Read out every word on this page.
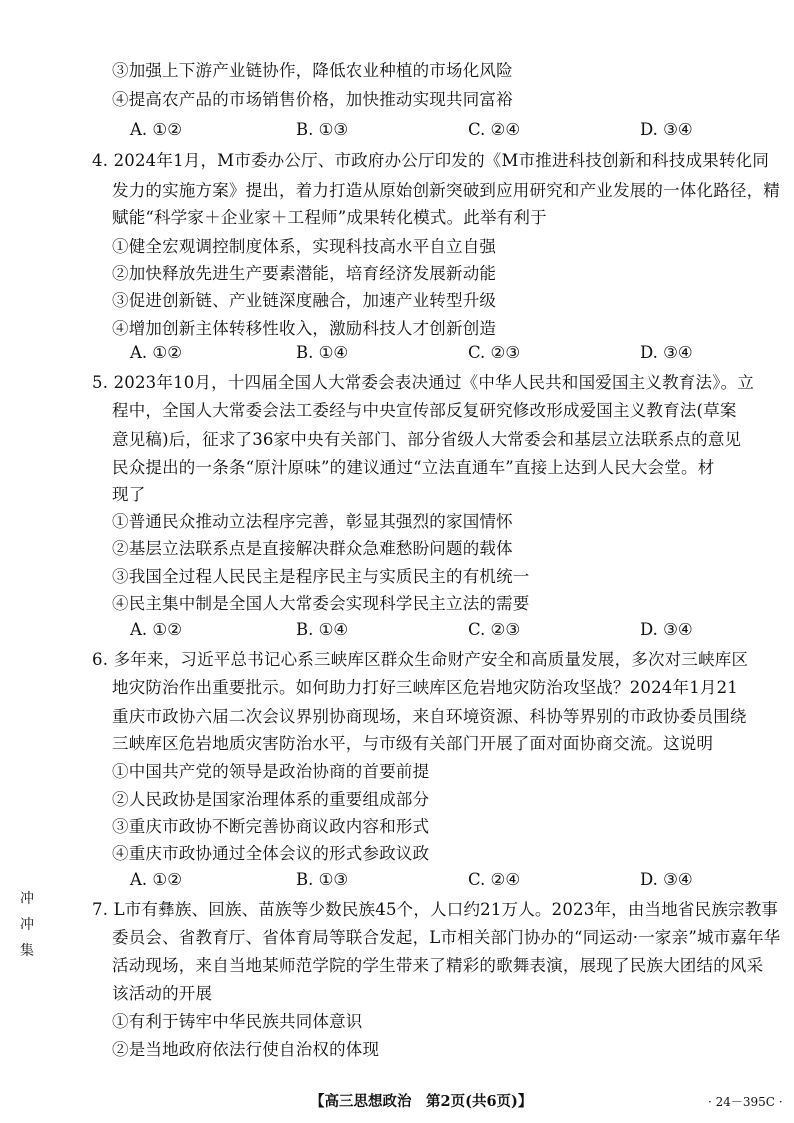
③加强上下游产业链协作，降低农业种植的市场化风险
④提高农产品的市场销售价格，加快推动实现共同富裕
A. ①②	B. ①③	C. ②④	D. ③④
4. 2024年1月，M市委办公厅、市政府办公厅印发的《M市推进科技创新和科技成果转化同
发力的实施方案》提出，着力打造从原始创新突破到应用研究和产业发展的一体化路径，精
赋能“科学家＋企业家＋工程师”成果转化模式。此举有利于
①健全宏观调控制度体系，实现科技高水平自立自强
②加快释放先进生产要素潜能，培育经济发展新动能
③促进创新链、产业链深度融合，加速产业转型升级
④增加创新主体转移性收入，激励科技人才创新创造
A. ①②	B. ①④	C. ②③	D. ③④
5. 2023年10月，十四届全国人大常委会表决通过《中华人民共和国爱国主义教育法》。立
程中，全国人大常委会法工委经与中央宣传部反复研究修改形成爱国主义教育法(草案
意见稿)后，征求了36家中央有关部门、部分省级人大常委会和基层立法联系点的意见
民众提出的一条条“原汁原味”的建议通过“立法直通车”直接上达到人民大会堂。材
现了
①普通民众推动立法程序完善，彰显其强烈的家国情怀
②基层立法联系点是直接解决群众急难愁盼问题的载体
③我国全过程人民民主是程序民主与实质民主的有机统一
④民主集中制是全国人大常委会实现科学民主立法的需要
A. ①②	B. ①④	C. ②③	D. ③④
6. 多年来，习近平总书记心系三峡库区群众生命财产安全和高质量发展，多次对三峡库区
地灾防治作出重要批示。如何助力打好三峡库区危岩地灾防治攻坚战？2024年1月21
重庆市政协六届二次会议界别协商现场，来自环境资源、科协等界别的市政协委员围绕
三峡库区危岩地质灾害防治水平，与市级有关部门开展了面对面协商交流。这说明
①中国共产党的领导是政治协商的首要前提
②人民政协是国家治理体系的重要组成部分
③重庆市政协不断完善协商议政内容和形式
④重庆市政协通过全体会议的形式参政议政
A. ①②	B. ①③	C. ②④	D. ③④
冲
冲
集
7. L市有彝族、回族、苗族等少数民族45个，人口约21万人。2023年，由当地省民族宗教事
委员会、省教育厅、省体育局等联合发起，L市相关部门协办的“同运动·一家亲”城市嘉年华
活动现场，来自当地某师范学院的学生带来了精彩的歌舞表演，展现了民族大团结的风采
该活动的开展
①有利于铸牢中华民族共同体意识
②是当地政府依法行使自治权的体现
【高三思想政治　第2页(共6页)】	· 24－395C ·
